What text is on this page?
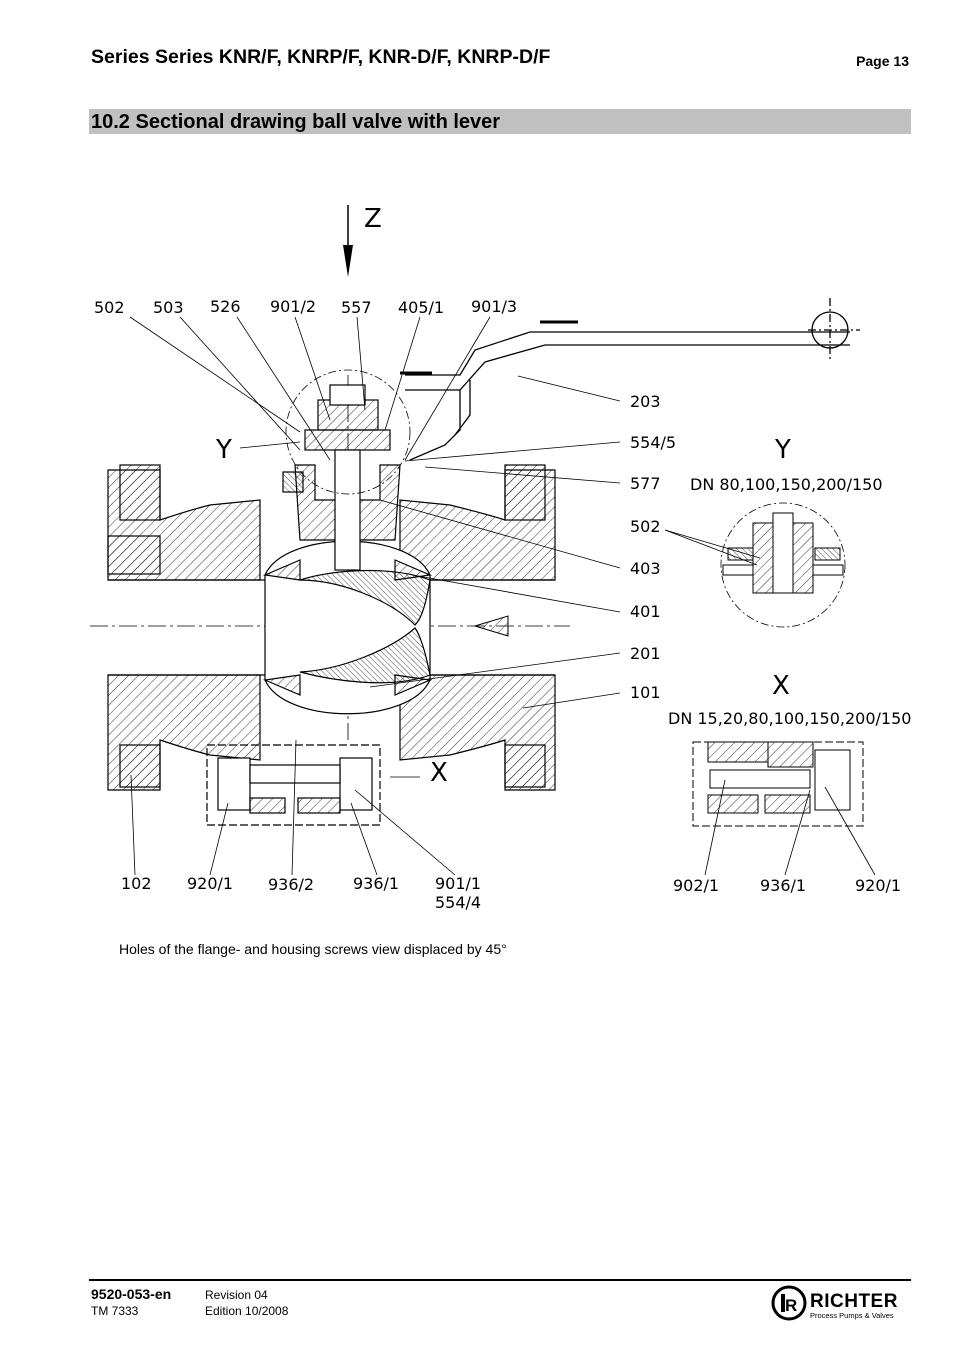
Series Series KNR/F, KNRP/F, KNR-D/F, KNRP-D/F	Page 13
10.2 Sectional drawing ball valve with lever
Z
X
Y
502 503 526 901/2 557 405/1 901/3
203
554/5
577
403
401
201
101
102 920/1 936/2 936/1 901/1
554/4
Y
DN 80,100,150,200/150
502
X
DN 15,20,80,100,150,200/150
902/1	936/1	920/1
Holes of the flange- and housing screws view displaced by 45°
9520-053-en
TM 7333
Revision 04
Edition 10/2008	R RICHTER
Process Pumps & Valves
